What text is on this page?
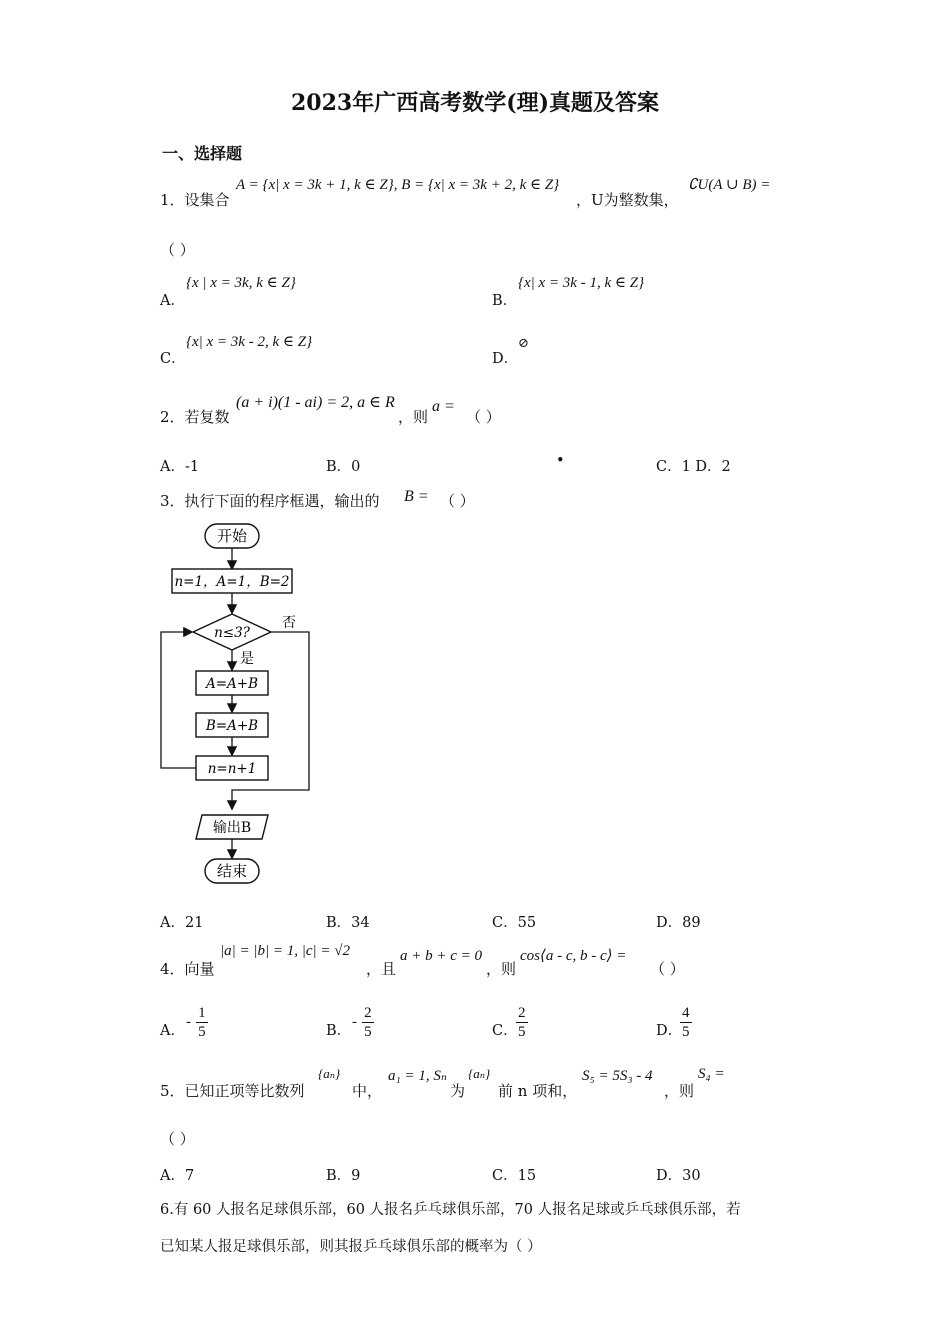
2023年广西高考数学(理)真题及答案
一、选择题
1．设集合
A = {x| x = 3k + 1, k ∈ Z}, B = {x| x = 3k + 2, k ∈ Z}
，U为整数集，
∁U(A ∪ B) =
（ ）
A．
{x | x = 3k, k ∈ Z}
B．
{x| x = 3k - 1, k ∈ Z}
C．
{x| x = 3k - 2, k ∈ Z}
D．
⊘
2．若复数
(a + i)(1 - ai) = 2, a ∈ R
，则
a =
（ ）
A．-1	B．0	•	C．1 D．2
3．执行下面的程序框遇，输出的 B = （ ）
开始
n=1，A=1，B=2
n≤3?
否
是
A=A+B
B=A+B
n=n+1
输出B
结束
A．21	B．34	C．55	D．89
4．向量
|a| = |b| = 1, |c| = √2
，且
a + b + c = 0
，则
cos⟨a - c, b - c⟩ =
（ ）
A．
- $\frac{1}{5}$	B．
- $\frac{2}{5}$	C．
$\frac{2}{5}$	D．
$\frac{4}{5}$
5．已知正项等比数列
{aₙ}
中，
a₁ = 1, Sₙ
为
{aₙ}
前 n 项和，
S₅ = 5S₃ - 4
，则
S₄ =
（ ）
A．7	B．9	C．15	D．30
6.有 60 人报名足球俱乐部，60 人报名乒乓球俱乐部，70 人报名足球或乒乓球俱乐部，若
已知某人报足球俱乐部，则其报乒乓球俱乐部的概率为（ ）
